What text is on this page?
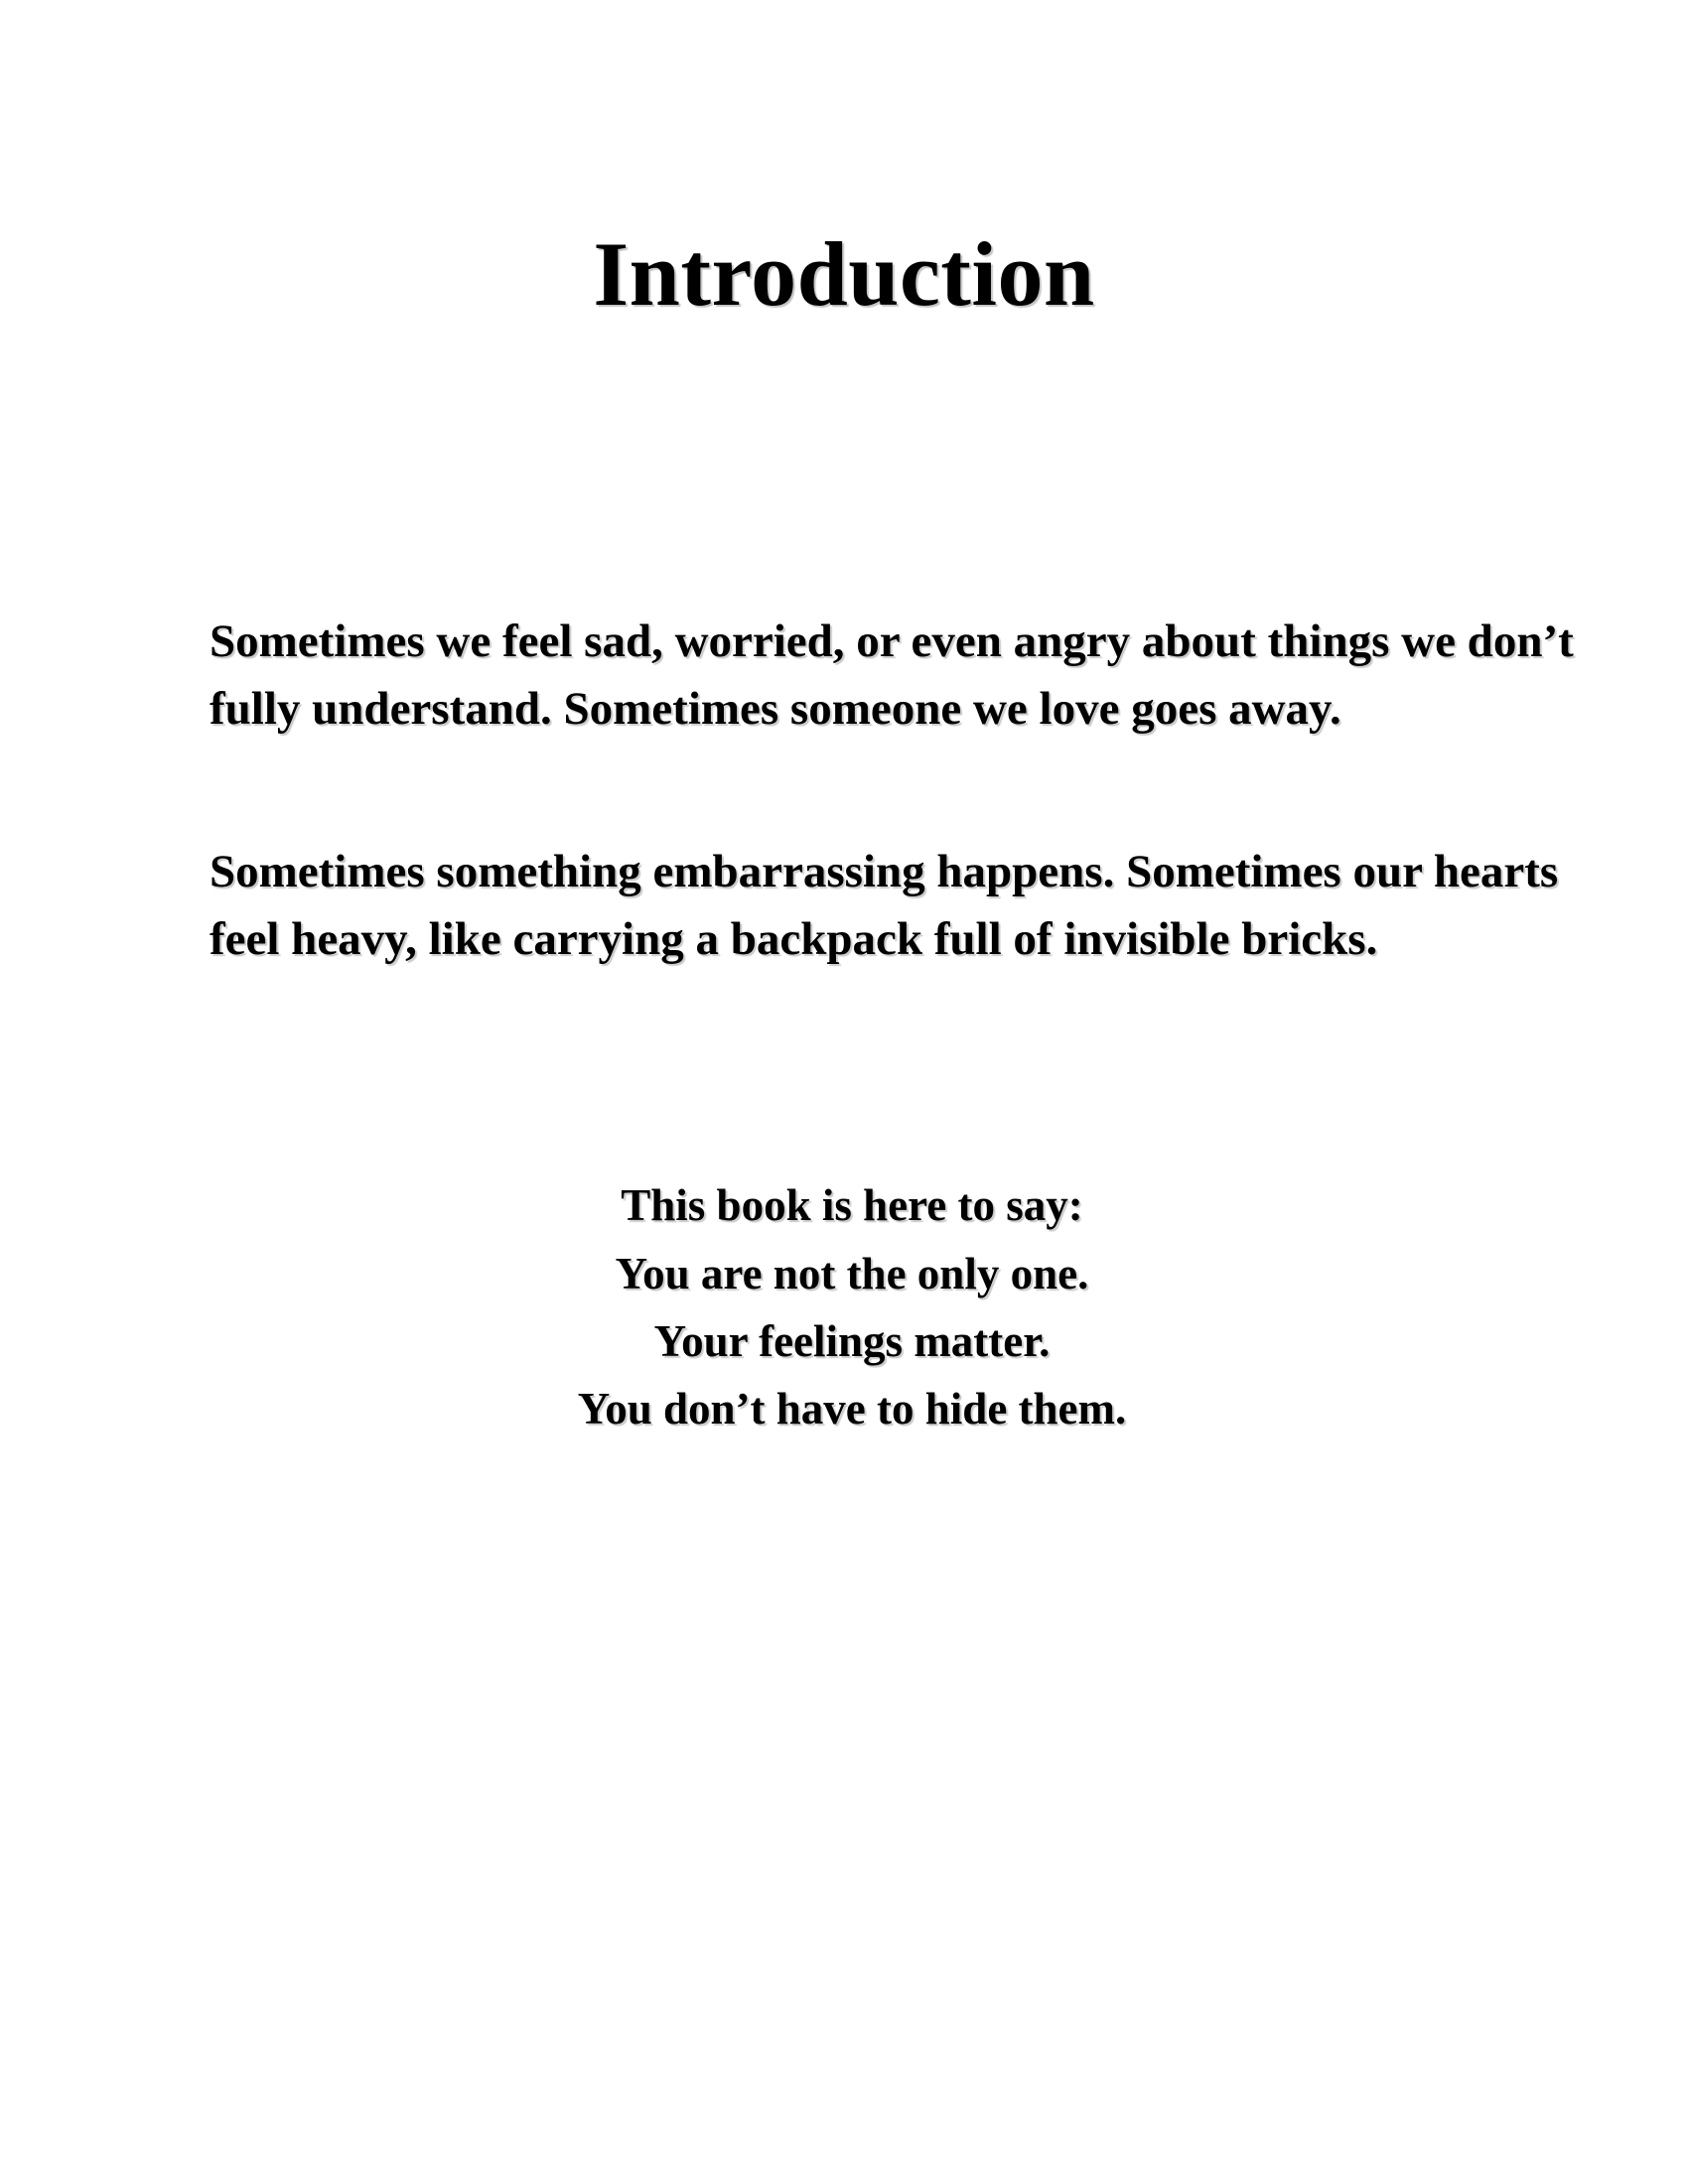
Introduction

Sometimes we feel sad, worried, or even angry about things we don’t fully understand. Sometimes someone we love goes away.

Sometimes something embarrassing happens. Sometimes our hearts feel heavy, like carrying a backpack full of invisible bricks.

This book is here to say:
You are not the only one.
Your feelings matter.
You don’t have to hide them.
